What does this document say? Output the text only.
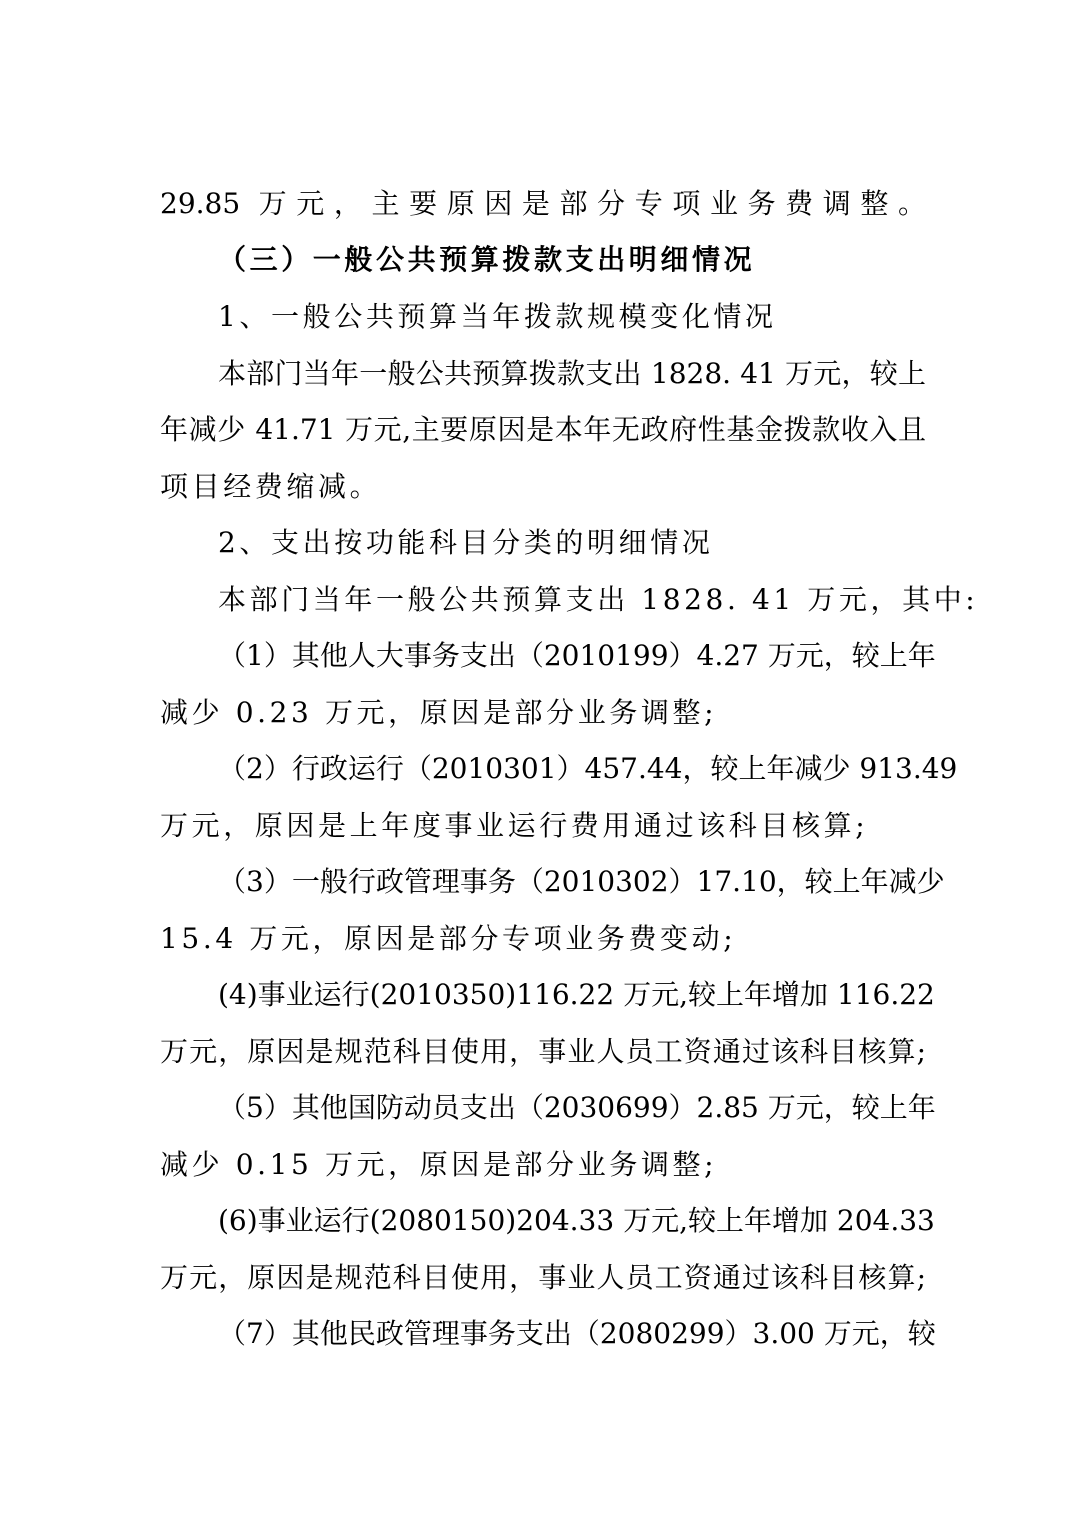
29.85 万元，主要原因是部分专项业务费调整。
（三）一般公共预算拨款支出明细情况
1、一般公共预算当年拨款规模变化情况
本部门当年一般公共预算拨款支出 1828. 41 万元，较上
年减少 41.71 万元,主要原因是本年无政府性基金拨款收入且
项目经费缩减。
2、支出按功能科目分类的明细情况
本部门当年一般公共预算支出 1828. 41 万元，其中:
（1）其他人大事务支出（2010199）4.27 万元，较上年
减少 0.23 万元，原因是部分业务调整;
（2）行政运行（2010301）457.44，较上年减少 913.49
万元，原因是上年度事业运行费用通过该科目核算;
（3）一般行政管理事务（2010302）17.10，较上年减少
15.4 万元，原因是部分专项业务费变动;
(4)事业运行(2010350)116.22 万元,较上年增加 116.22
万元，原因是规范科目使用，事业人员工资通过该科目核算;
（5）其他国防动员支出（2030699）2.85 万元，较上年
减少 0.15 万元，原因是部分业务调整;
(6)事业运行(2080150)204.33 万元,较上年增加 204.33
万元，原因是规范科目使用，事业人员工资通过该科目核算;
（7）其他民政管理事务支出（2080299）3.00 万元，较
